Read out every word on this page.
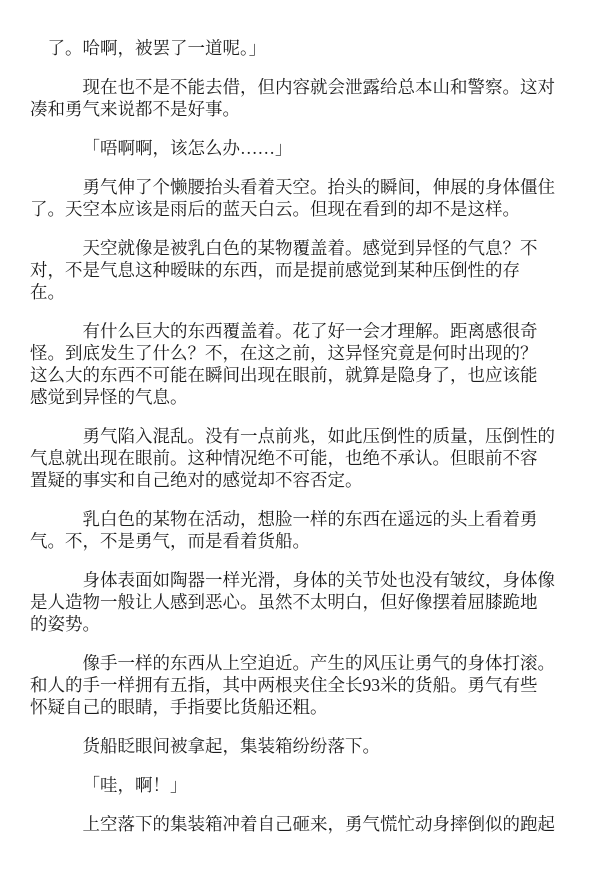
了。哈啊，被罢了一道呢。」
现在也不是不能去借，但内容就会泄露给总本山和警察。这对
凑和勇气来说都不是好事。
「唔啊啊，该怎么办……」
勇气伸了个懒腰抬头看着天空。抬头的瞬间，伸展的身体僵住
了。天空本应该是雨后的蓝天白云。但现在看到的却不是这样。
天空就像是被乳白色的某物覆盖着。感觉到异怪的气息？不
对，不是气息这种暧昧的东西，而是提前感觉到某种压倒性的存
在。
有什么巨大的东西覆盖着。花了好一会才理解。距离感很奇
怪。到底发生了什么？不，在这之前，这异怪究竟是何时出现的？
这么大的东西不可能在瞬间出现在眼前，就算是隐身了，也应该能
感觉到异怪的气息。
勇气陷入混乱。没有一点前兆，如此压倒性的质量，压倒性的
气息就出现在眼前。这种情况绝不可能，也绝不承认。但眼前不容
置疑的事实和自己绝对的感觉却不容否定。
乳白色的某物在活动，想脸一样的东西在遥远的头上看着勇
气。不，不是勇气，而是看着货船。
身体表面如陶器一样光滑，身体的关节处也没有皱纹，身体像
是人造物一般让人感到恶心。虽然不太明白，但好像摆着屈膝跪地
的姿势。
像手一样的东西从上空迫近。产生的风压让勇气的身体打滚。
和人的手一样拥有五指，其中两根夹住全长93米的货船。勇气有些
怀疑自己的眼睛，手指要比货船还粗。
货船眨眼间被拿起，集装箱纷纷落下。
「哇，啊！」
上空落下的集装箱冲着自己砸来，勇气慌忙动身摔倒似的跑起
